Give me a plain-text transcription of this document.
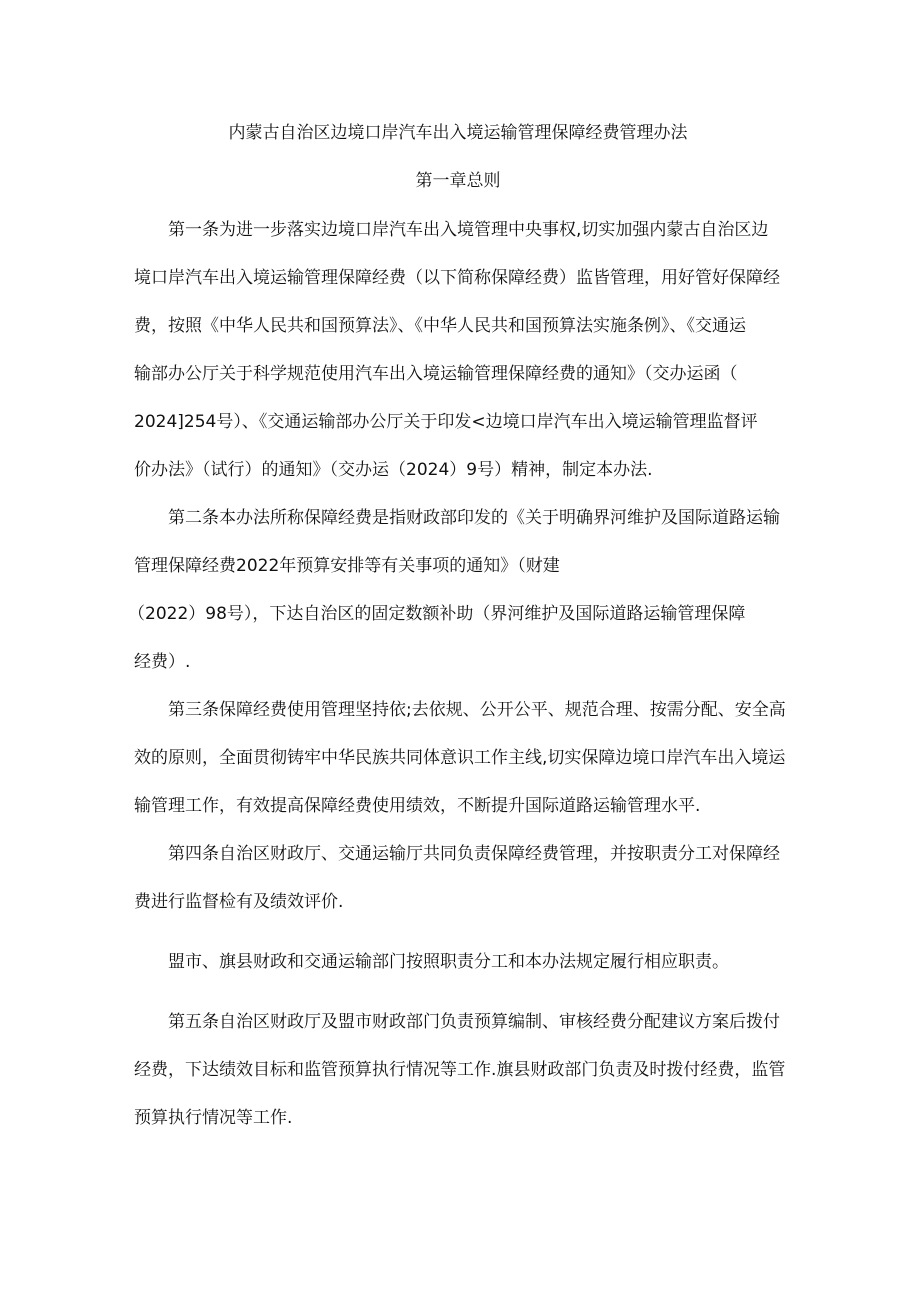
内蒙古自治区边境口岸汽车出入境运输管理保障经费管理办法
第一章总则
第一条为进一步落实边境口岸汽车出入境管理中央事权,切实加强内蒙古自治区边
境口岸汽车出入境运输管理保障经费（以下简称保障经费）监皆管理，用好管好保障经
费，按照《中华人民共和国预算法》、《中华人民共和国预算法实施条例》、《交通运
输部办公厅关于科学规范使用汽车出入境运输管理保障经费的通知》（交办运函（
2024]254号）、《交通运输部办公厅关于印发<边境口岸汽车出入境运输管理监督评
价办法》（试行）的通知》（交办运（2024）9号）精神，制定本办法.
第二条本办法所称保障经费是指财政部印发的《关于明确界河维护及国际道路运输
管理保障经费2022年预算安排等有关事项的通知》（财建
（2022）98号），下达自治区的固定数额补助（界河维护及国际道路运输管理保障
经费）.
第三条保障经费使用管理坚持依;去依规、公开公平、规范合理、按需分配、安全高
效的原则，全面贯彻铸牢中华民族共同体意识工作主线,切实保障边境口岸汽车出入境运
输管理工作，有效提高保障经费使用绩效，不断提升国际道路运输管理水平.
第四条自治区财政厅、交通运输厅共同负责保障经费管理，并按职责分工对保障经
费进行监督检有及绩效评价.
盟市、旗县财政和交通运输部门按照职责分工和本办法规定履行相应职责。
第五条自治区财政厅及盟市财政部门负责预算编制、审核经费分配建议方案后拨付
经费，下达绩效目标和监管预算执行情况等工作.旗县财政部门负责及时拨付经费，监管
预算执行情况等工作.
